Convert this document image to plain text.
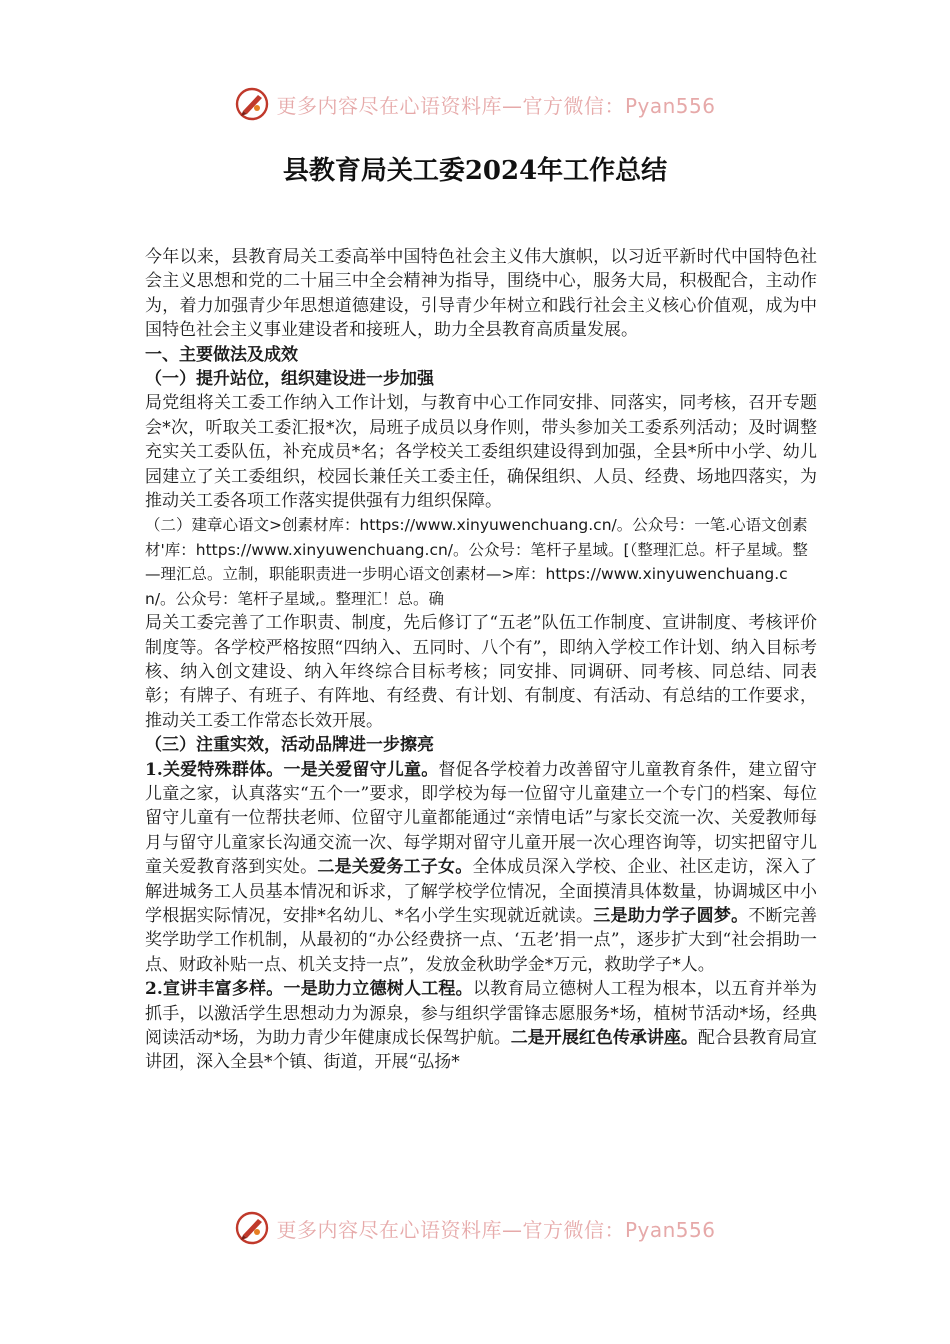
更多内容尽在心语资料库—官方微信：Pyan556
县教育局关工委2024年工作总结

今年以来，县教育局关工委高举中国特色社会主义伟大旗帜，以习近平新时代中国特色社会主义思想和党的二十届三中全会精神为指导，围绕中心，服务大局，积极配合，主动作为，着力加强青少年思想道德建设，引导青少年树立和践行社会主义核心价值观，成为中国特色社会主义事业建设者和接班人，助力全县教育高质量发展。

一、主要做法及成效

（一）提升站位，组织建设进一步加强

局党组将关工委工作纳入工作计划，与教育中心工作同安排、同落实，同考核，召开专题会*次，听取关工委汇报*次，局班子成员以身作则，带头参加关工委系列活动；及时调整充实关工委队伍，补充成员*名；各学校关工委组织建设得到加强，全县*所中小学、幼儿园建立了关工委组织，校园长兼任关工委主任，确保组织、人员、经费、场地四落实，为推动关工委各项工作落实提供强有力组织保障。

（二）建章心语文>创素材库：https://www.xinyuwenchuang.cn/。公众号：一笔.心语文创素材'库：https://www.xinyuwenchuang.cn/。公众号：笔杆子星域。[（整理汇总。杆子星域。整—理汇总。立制，职能职责进一步明心语文创素材—>库：https://www.xinyuwenchuang.cn/。公众号：笔杆子星域,。整理汇！总。确

局关工委完善了工作职责、制度，先后修订了“五老”队伍工作制度、宣讲制度、考核评价制度等。各学校严格按照“四纳入、五同时、八个有”，即纳入学校工作计划、纳入目标考核、纳入创文建设、纳入年终综合目标考核；同安排、同调研、同考核、同总结、同表彰；有牌子、有班子、有阵地、有经费、有计划、有制度、有活动、有总结的工作要求，推动关工委工作常态长效开展。

（三）注重实效，活动品牌进一步擦亮

1.关爱特殊群体。一是关爱留守儿童。督促各学校着力改善留守儿童教育条件，建立留守儿童之家，认真落实“五个一”要求，即学校为每一位留守儿童建立一个专门的档案、每位留守儿童有一位帮扶老师、位留守儿童都能通过“亲情电话”与家长交流一次、关爱教师每月与留守儿童家长沟通交流一次、每学期对留守儿童开展一次心理咨询等，切实把留守儿童关爱教育落到实处。二是关爱务工子女。全体成员深入学校、企业、社区走访，深入了解进城务工人员基本情况和诉求，了解学校学位情况，全面摸清具体数量，协调城区中小学根据实际情况，安排*名幼儿、*名小学生实现就近就读。三是助力学子圆梦。不断完善奖学助学工作机制，从最初的“办公经费挤一点、‘五老’捐一点”，逐步扩大到“社会捐助一点、财政补贴一点、机关支持一点”，发放金秋助学金*万元，救助学子*人。

2.宣讲丰富多样。一是助力立德树人工程。以教育局立德树人工程为根本，以五育并举为抓手，以激活学生思想动力为源泉，参与组织学雷锋志愿服务*场，植树节活动*场，经典阅读活动*场，为助力青少年健康成长保驾护航。二是开展红色传承讲座。配合县教育局宣讲团，深入全县*个镇、街道，开展“弘扬*

更多内容尽在心语资料库—官方微信：Pyan556
